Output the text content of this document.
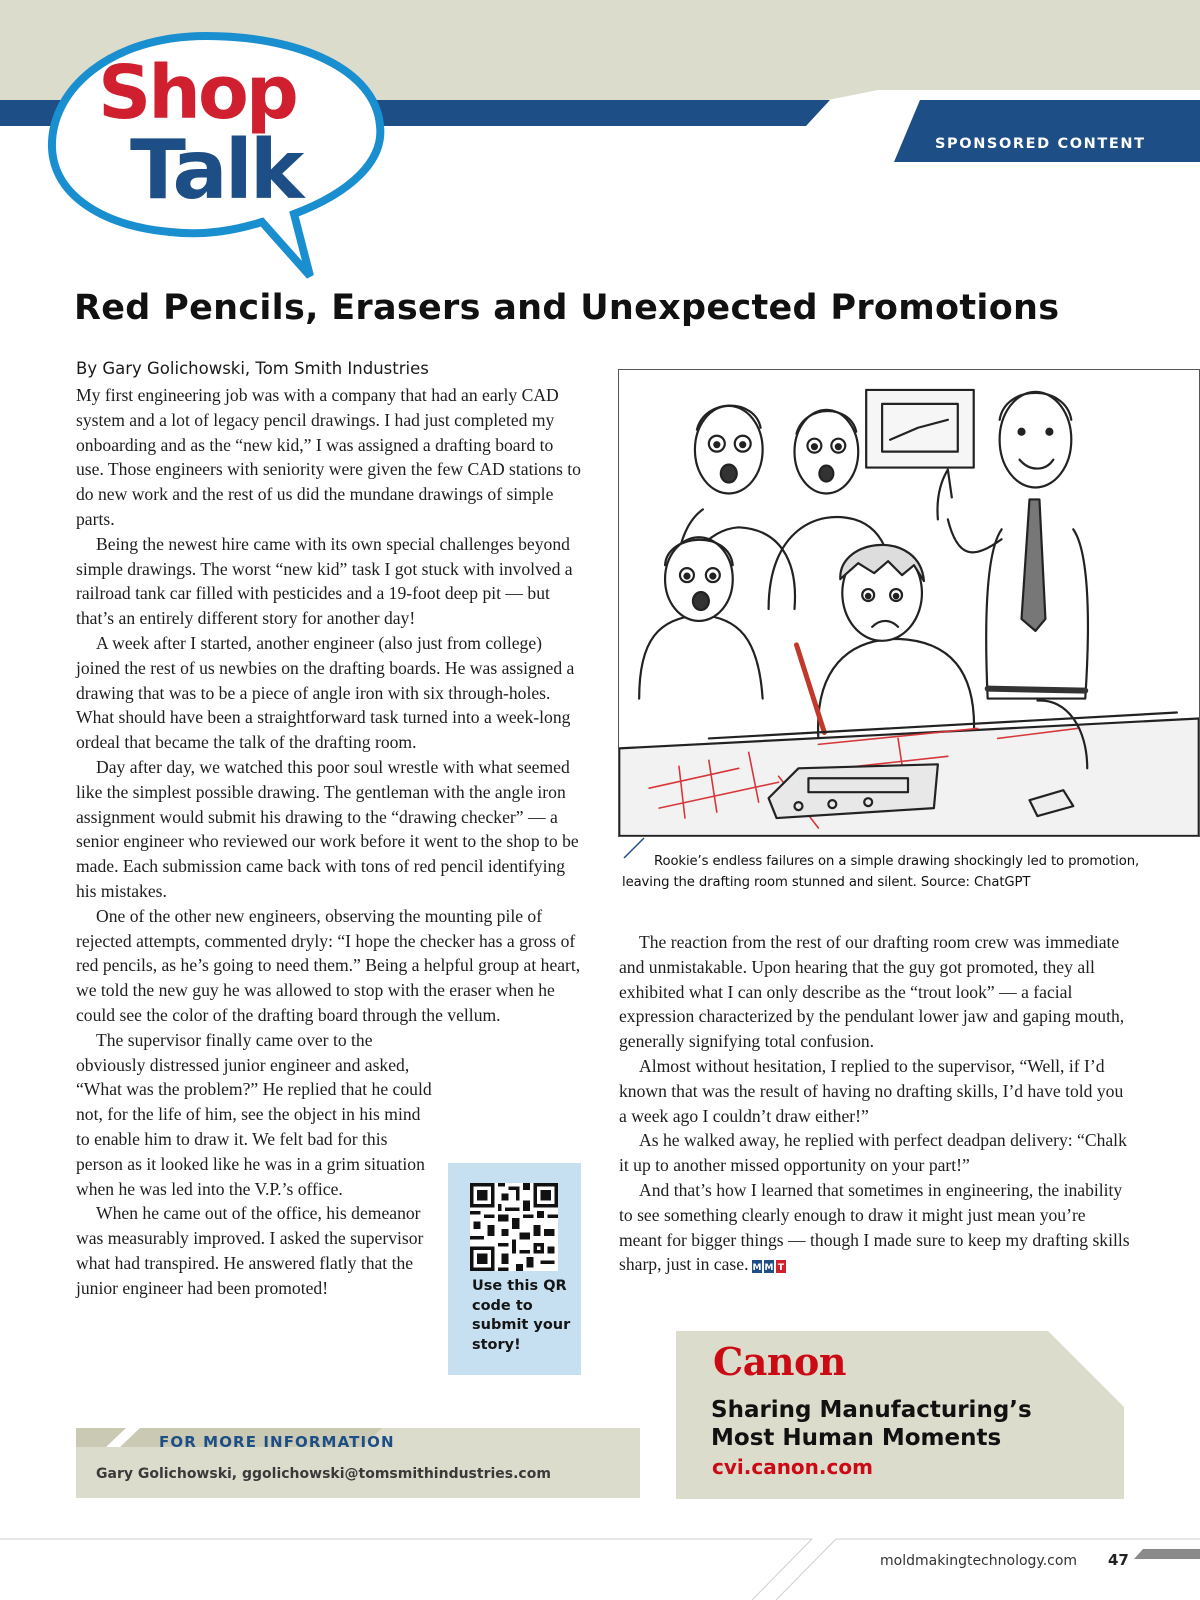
Shop
Talk	SPONSORED CONTENT
Red Pencils, Erasers and Unexpected Promotions
By Gary Golichowski, Tom Smith Industries

My first engineering job was with a company that had an early CAD system and a lot of legacy pencil drawings. I had just completed my onboarding and as the “new kid,” I was assigned a drafting board to use. Those engineers with seniority were given the few CAD stations to do new work and the rest of us did the mundane drawings of simple parts.

Being the newest hire came with its own special challenges beyond simple drawings. The worst “new kid” task I got stuck with involved a railroad tank car filled with pesticides and a 19-foot deep pit — but that’s an entirely different story for another day!

A week after I started, another engineer (also just from college) joined the rest of us newbies on the drafting boards. He was assigned a drawing that was to be a piece of angle iron with six through-holes. What should have been a straightforward task turned into a week-long ordeal that became the talk of the drafting room.

Day after day, we watched this poor soul wrestle with what seemed like the simplest possible drawing. The gentleman with the angle iron assignment would submit his drawing to the “drawing checker” — a senior engineer who reviewed our work before it went to the shop to be made. Each submission came back with tons of red pencil identifying his mistakes.

One of the other new engineers, observing the mounting pile of rejected attempts, commented dryly: “I hope the checker has a gross of red pencils, as he’s going to need them.” Being a helpful group at heart, we told the new guy he was allowed to stop with the eraser when he could see the color of the drafting board through the vellum.

The supervisor finally came over to the obviously distressed junior engineer and asked, “What was the problem?” He replied that he could not, for the life of him, see the object in his mind to enable him to draw it. We felt bad for this person as it looked like he was in a grim situation when he was led into the V.P.’s office.

When he came out of the office, his demeanor was measurably improved. I asked the supervisor what had transpired. He answered flatly that the junior engineer had been promoted!

Rookie’s endless failures on a simple drawing shockingly led to promotion, leaving the drafting room stunned and silent. Source: ChatGPT

The reaction from the rest of our drafting room crew was immediate and unmistakable. Upon hearing that the guy got promoted, they all exhibited what I can only describe as the “trout look” — a facial expression characterized by the pendulant lower jaw and gaping mouth, generally signifying total confusion.

Almost without hesitation, I replied to the supervisor, “Well, if I’d known that was the result of having no drafting skills, I’d have told you a week ago I couldn’t draw either!”

As he walked away, he replied with perfect deadpan delivery: “Chalk it up to another missed opportunity on your part!”

And that’s how I learned that sometimes in engineering, the inability to see something clearly enough to draw it might just mean you’re meant for bigger things — though I made sure to keep my drafting skills sharp, just in case. M M T

Use this QR code to submit your story!
FOR MORE INFORMATION
Gary Golichowski, ggolichowski@tomsmithindustries.com
Canon
Sharing Manufacturing’s Most Human Moments
cvi.canon.com
moldmakingtechnology.com 47
